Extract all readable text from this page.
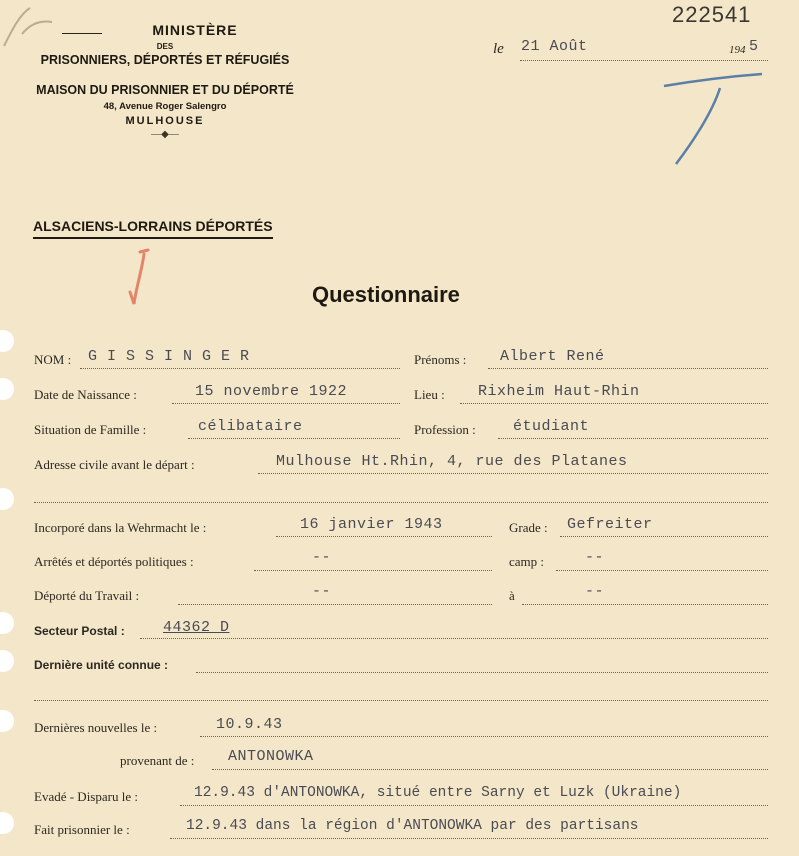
222541
MINISTÈRE
DES
PRISONNIERS, DÉPORTÉS ET RÉFUGIÉS
MAISON DU PRISONNIER ET DU DÉPORTÉ
48, Avenue Roger Salengro
MULHOUSE
—◆—
le 21 Août	194 5
ALSACIENS-LORRAINS DÉPORTÉS
Questionnaire
NOM : G I S S I N G E R	Prénoms : Albert René
Date de Naissance :	15 novembre 1922	Lieu : Rixheim Haut-Rhin
Situation de Famille :	célibataire	Profession : étudiant
Adresse civile avant le départ :	Mulhouse Ht.Rhin, 4, rue des Platanes
Incorporé dans la Wehrmacht le :	16 janvier 1943	Grade : Gefreiter
Arrêtés et déportés politiques :	--	camp :	--
Déporté du Travail :	--	à	--
Secteur Postal :	44362 D
Dernière unité connue :
Dernières nouvelles le :	10.9.43
provenant de : ANTONOWKA
Evadé - Disparu le :	12.9.43 d'ANTONOWKA, situé entre Sarny et Luzk (Ukraine)
Fait prisonnier le :	12.9.43 dans la région d'ANTONOWKA par des partisans
